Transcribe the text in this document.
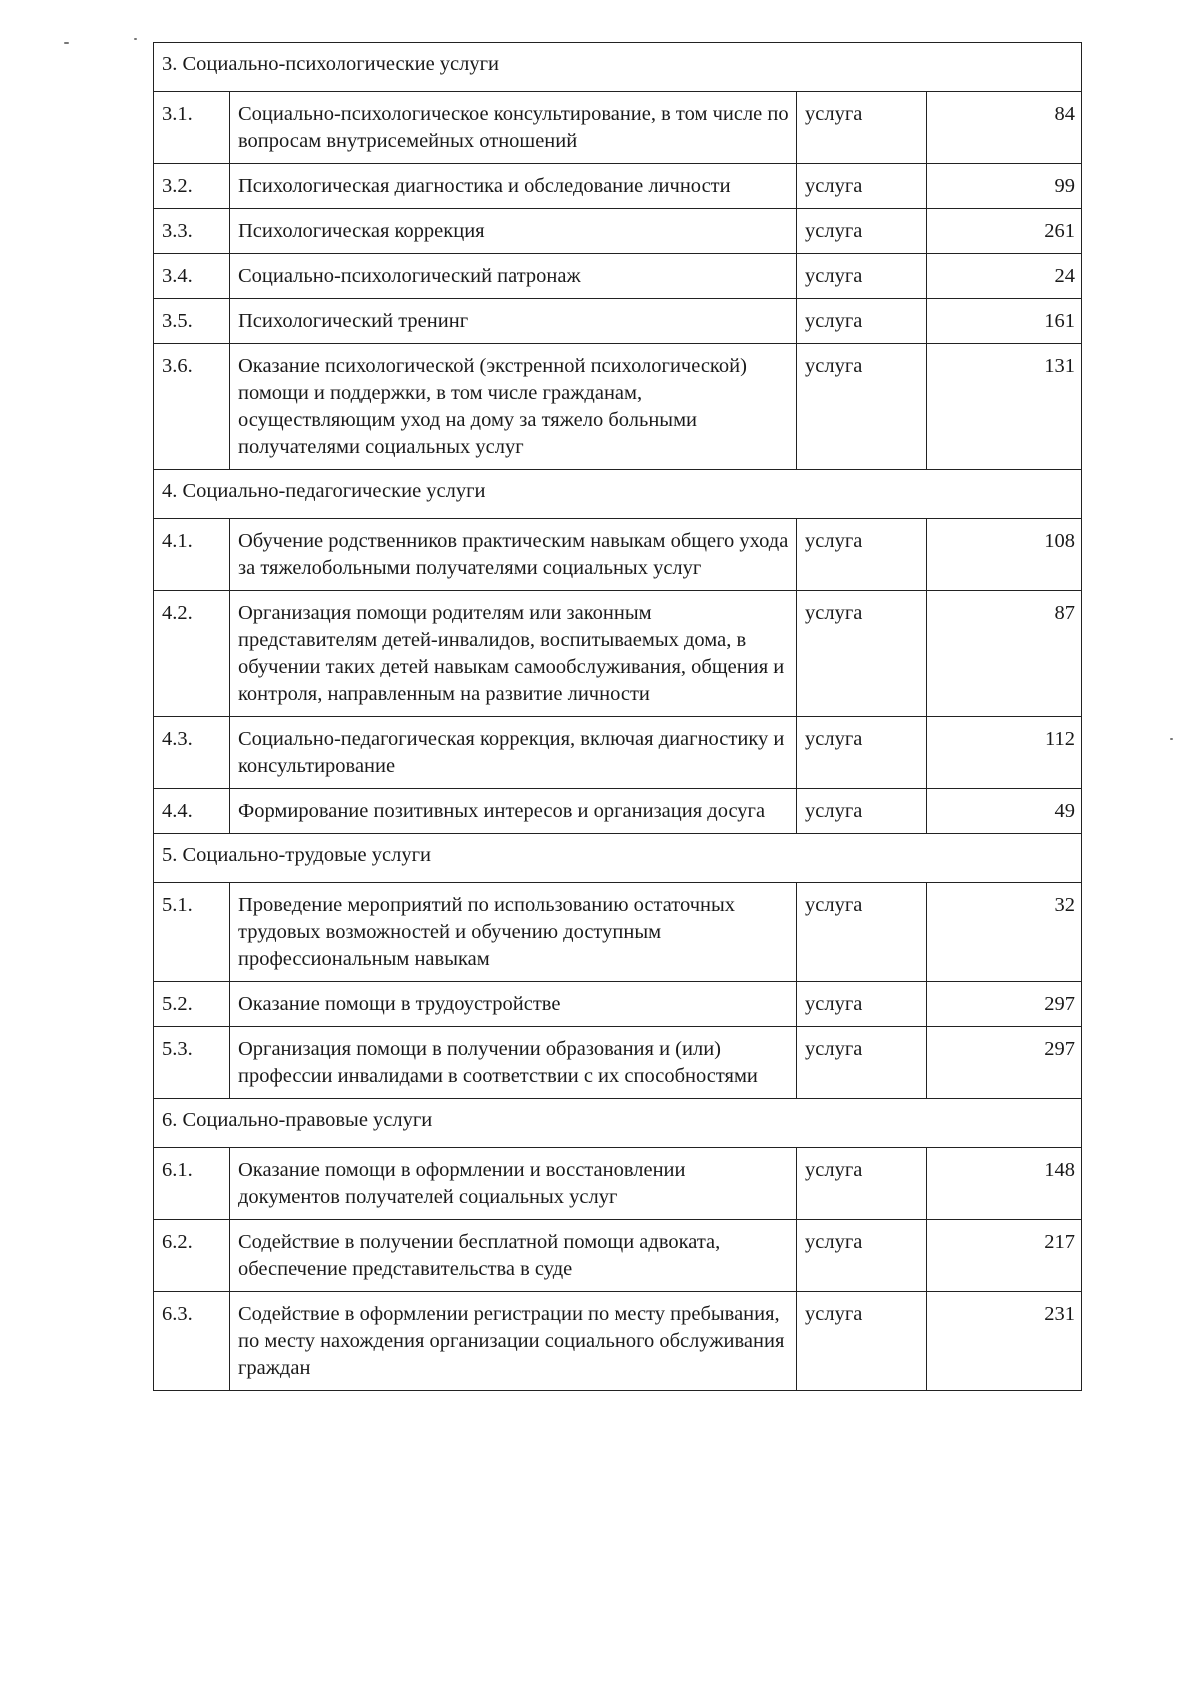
3. Социально-психологические услуги			
3.1.	Социально-психологическое консультирование, в том числе по вопросам внутрисемейных отношений	услуга	84
3.2.	Психологическая диагностика и обследование личности	услуга	99
3.3.	Психологическая коррекция	услуга	261
3.4.	Социально-психологический патронаж	услуга	24
3.5.	Психологический тренинг	услуга	161
3.6.	Оказание психологической (экстренной психологической) помощи и поддержки, в том числе гражданам, осуществляющим уход на дому за тяжело больными получателями социальных услуг	услуга	131
4. Социально-педагогические услуги			
4.1.	Обучение родственников практическим навыкам общего ухода за тяжелобольными получателями социальных услуг	услуга	108
4.2.	Организация помощи родителям или законным представителям детей-инвалидов, воспитываемых дома, в обучении таких детей навыкам самообслуживания, общения и контроля, направленным на развитие личности	услуга	87
4.3.	Социально-педагогическая коррекция, включая диагностику и консультирование	услуга	112
4.4.	Формирование позитивных интересов и организация досуга	услуга	49
5. Социально-трудовые услуги			
5.1.	Проведение мероприятий по использованию остаточных трудовых возможностей и обучению доступным профессиональным навыкам	услуга	32
5.2.	Оказание помощи в трудоустройстве	услуга	297
5.3.	Организация помощи в получении образования и (или) профессии инвалидами в соответствии с их способностями	услуга	297
6. Социально-правовые услуги			
6.1.	Оказание помощи в оформлении и восстановлении документов получателей социальных услуг	услуга	148
6.2.	Содействие в получении бесплатной помощи адвоката, обеспечение представительства в суде	услуга	217
6.3.	Содействие в оформлении регистрации по месту пребывания, по месту нахождения организации социального обслуживания граждан	услуга	231
